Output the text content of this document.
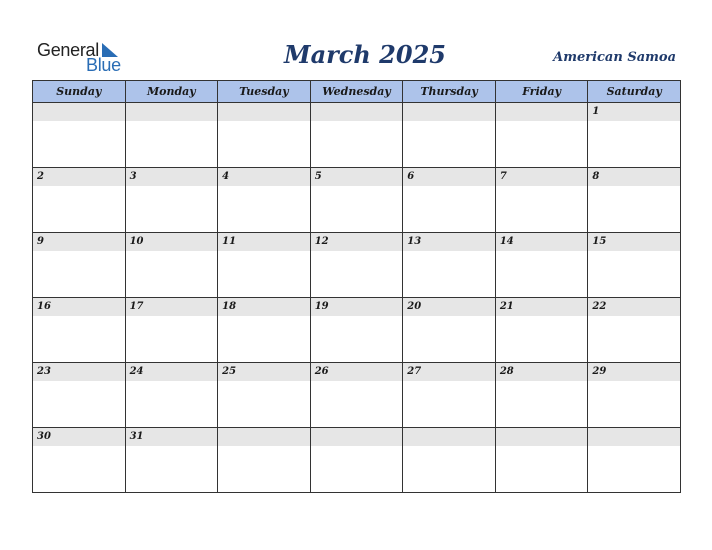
General
Blue	March 2025	American Samoa
Sunday	Monday	Tuesday	Wednesday	Thursday	Friday	Saturday

						1

2	3	4	5	6	7	8

9	10	11	12	13	14	15

16	17	18	19	20	21	22

23	24	25	26	27	28	29

30	31					
